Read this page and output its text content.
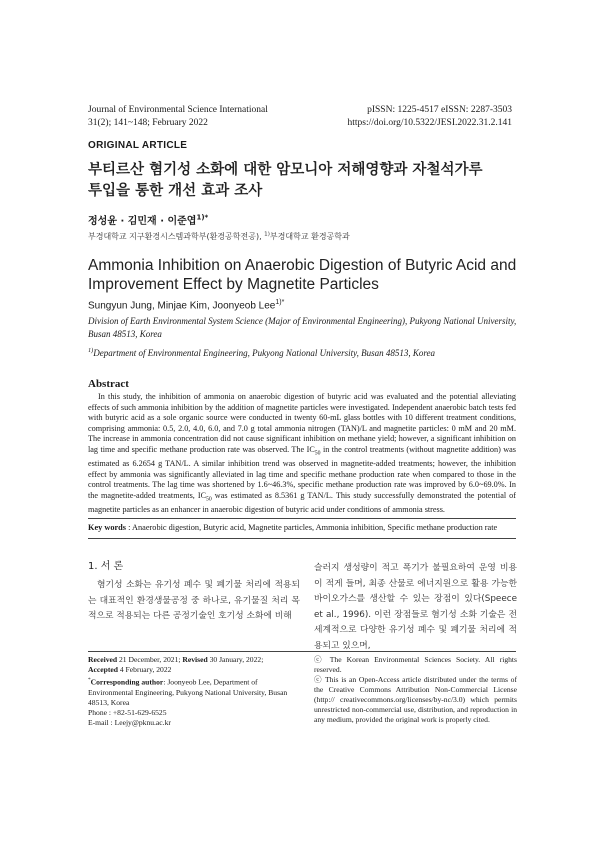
Journal of Environmental Science International
31(2); 141~148; February 2022
pISSN: 1225-4517 eISSN: 2287-3503
https://doi.org/10.5322/JESI.2022.31.2.141
ORIGINAL ARTICLE
부티르산 혐기성 소화에 대한 암모니아 저해영향과 자철석가루
투입을 통한 개선 효과 조사
정성윤 · 김민재 · 이준엽$^{1)*}$
부경대학교 지구환경시스템과학부(환경공학전공), $^{1)}$부경대학교 환경공학과
Ammonia Inhibition on Anaerobic Digestion of Butyric Acid and
Improvement Effect by Magnetite Particles
Sungyun Jung, Minjae Kim, Joonyeob Lee$^{1)*}$

Division of Earth Environmental System Science (Major of Environmental Engineering), Pukyong National University, Busan 48513, Korea

$^{1)}$Department of Environmental Engineering, Pukyong National University, Busan 48513, Korea

Abstract
In this study, the inhibition of ammonia on anaerobic digestion of butyric acid was evaluated and the potential alleviating effects of such ammonia inhibition by the addition of magnetite particles were investigated. Independent anaerobic batch tests fed with butyric acid as a sole organic source were conducted in twenty 60-mL glass bottles with 10 different treatment conditions, comprising ammonia: 0.5, 2.0, 4.0, 6.0, and 7.0 g total ammonia nitrogen (TAN)/L and magnetite particles: 0 mM and 20 mM. The increase in ammonia concentration did not cause significant inhibition on methane yield; however, a significant inhibition on lag time and specific methane production rate was observed. The $IC_{50}$ in the control treatments (without magnetite addition) was estimated as 6.2654 g TAN/L. A similar inhibition trend was observed in magnetite-added treatments; however, the inhibition effect by ammonia was significantly alleviated in lag time and specific methane production rate when compared to those in the control treatments. The lag time was shortened by 1.6~46.3%, specific methane production rate was improved by 6.0~69.0%. In the magnetite-added treatments, $IC_{50}$ was estimated as 8.5361 g TAN/L. This study successfully demonstrated the potential of magnetite particles as an enhancer in anaerobic digestion of butyric acid under conditions of ammonia stress.
Key words : Anaerobic digestion, Butyric acid, Magnetite particles, Ammonia inhibition, Specific methane production rate
1. 서 론
혐기성 소화는 유기성 폐수 및 폐기물 처리에 적용되는 대표적인 환경생물공정 중 하나로, 유기물질 처리 목적으로 적용되는 다른 공정기술인 호기성 소화에 비해
슬러지 생성량이 적고 폭기가 불필요하여 운영 비용이 적게 들며, 최종 산물로 에너지원으로 활용 가능한 바이오가스를 생산할 수 있는 장점이 있다(Speece et al., 1996). 이런 장점들로 혐기성 소화 기술은 전 세계적으로 다양한 유기성 폐수 및 폐기물 처리에 적용되고 있으며,

Received 21 December, 2021; Revised 30 January, 2022;

Accepted 4 February, 2022

*Corresponding author: Joonyeob Lee, Department of Environmental Engineering, Pukyong National University, Busan 48513, Korea

Phone : +82-51-629-6525

E-mail : Leejy@pknu.ac.kr

ⓒ The Korean Environmental Sciences Society. All rights reserved.

ⓒ This is an Open-Access article distributed under the terms of the Creative Commons Attribution Non-Commercial License (http:// creativecommons.org/licenses/by-nc/3.0) which permits unrestricted non-commercial use, distribution, and reproduction in any medium, provided the original work is properly cited.
